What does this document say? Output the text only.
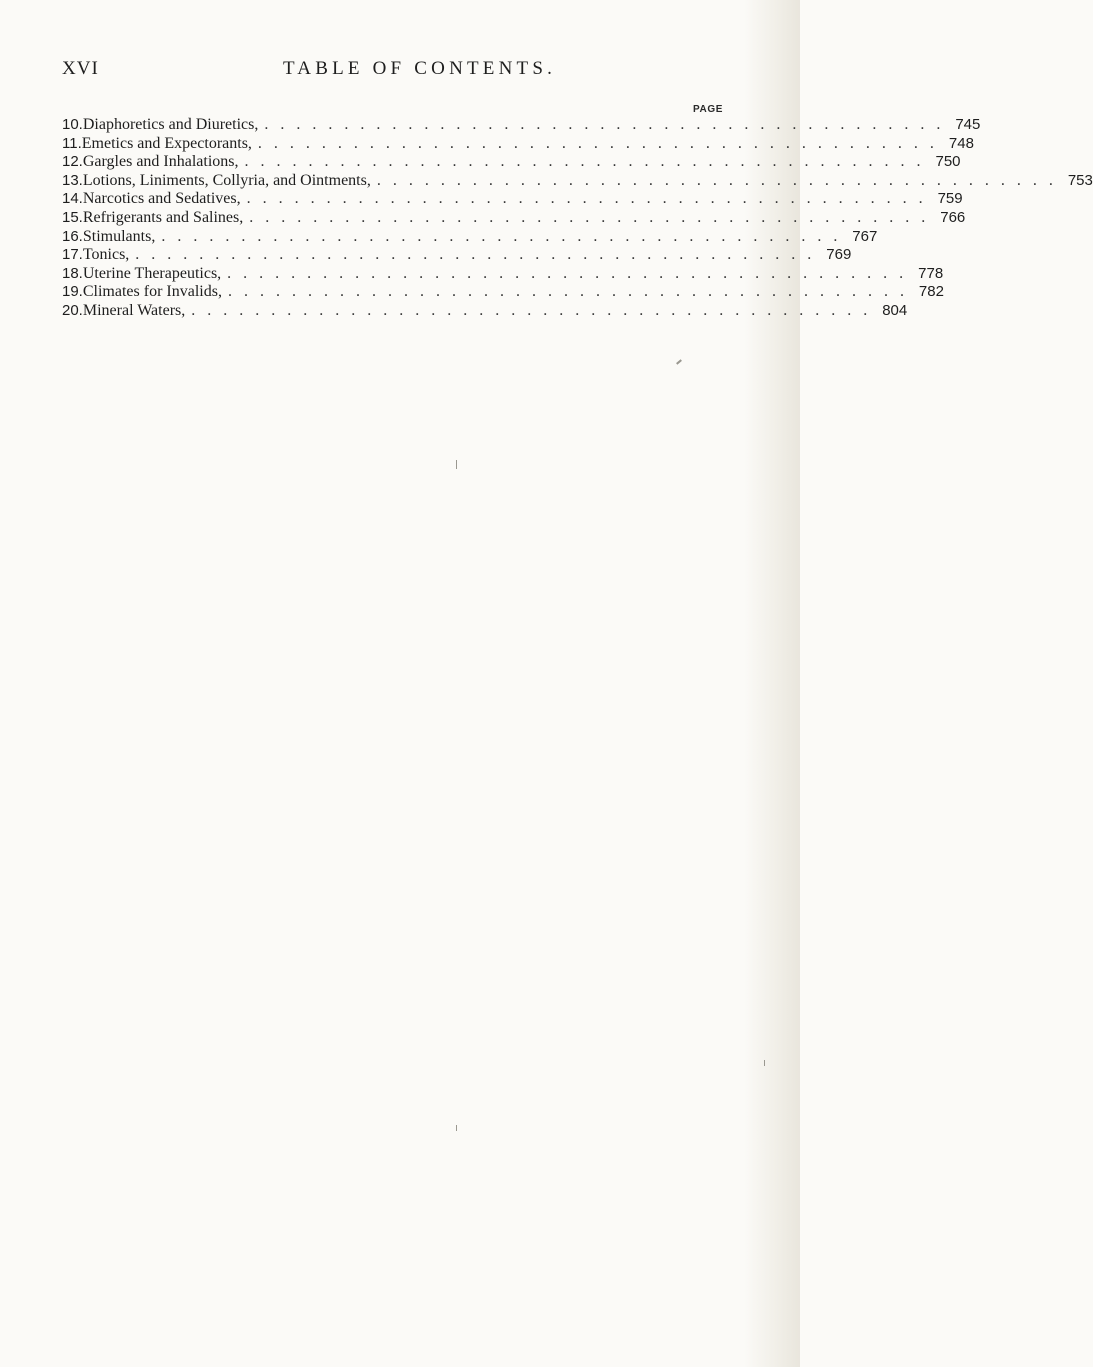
XVI	TABLE OF CONTENTS.
PAGE
10. Diaphoretics and Diuretics, ........................................... 745
11. Emetics and Expectorants, ........................................... 748
12. Gargles and Inhalations, ........................................... 750
13. Lotions, Liniments, Collyria, and Ointments, ........................................... 753
14. Narcotics and Sedatives, ........................................... 759
15. Refrigerants and Salines, ........................................... 766
16. Stimulants, ........................................... 767
17. Tonics, ........................................... 769
18. Uterine Therapeutics, ........................................... 778
19. Climates for Invalids, ........................................... 782
20. Mineral Waters, ........................................... 804
